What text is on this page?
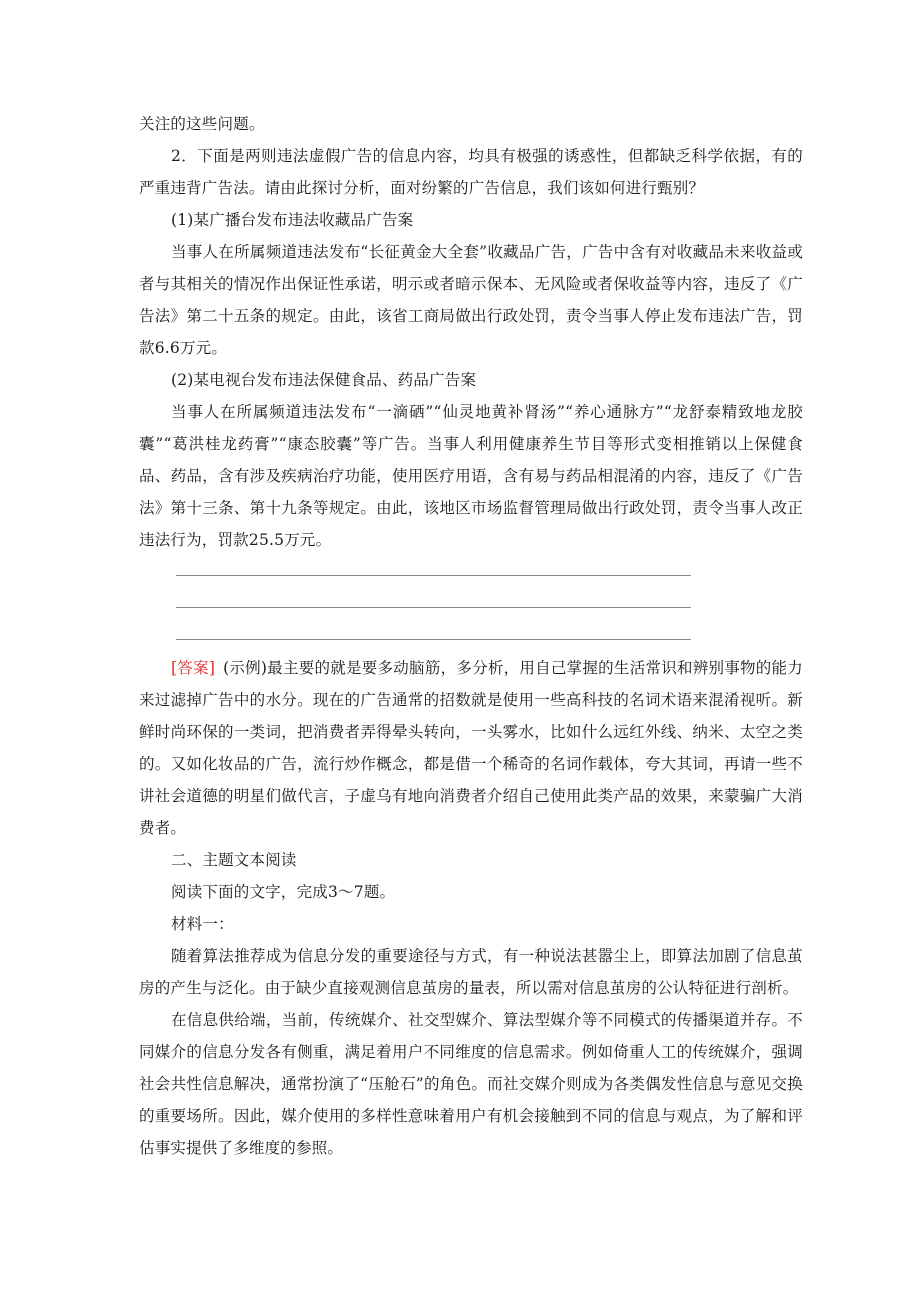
关注的这些问题。

2．下面是两则违法虚假广告的信息内容，均具有极强的诱惑性，但都缺乏科学依据，有的严重违背广告法。请由此探讨分析，面对纷繁的广告信息，我们该如何进行甄别？

(1)某广播台发布违法收藏品广告案

当事人在所属频道违法发布“长征黄金大全套”收藏品广告，广告中含有对收藏品未来收益或者与其相关的情况作出保证性承诺，明示或者暗示保本、无风险或者保收益等内容，违反了《广告法》第二十五条的规定。由此，该省工商局做出行政处罚，责令当事人停止发布违法广告，罚款6.6万元。

(2)某电视台发布违法保健食品、药品广告案

当事人在所属频道违法发布“一滴硒”“仙灵地黄补肾汤”“养心通脉方”“龙舒泰精致地龙胶囊”“葛洪桂龙药膏”“康态胶囊”等广告。当事人利用健康养生节目等形式变相推销以上保健食品、药品，含有涉及疾病治疗功能，使用医疗用语，含有易与药品相混淆的内容，违反了《广告法》第十三条、第十九条等规定。由此，该地区市场监督管理局做出行政处罚，责令当事人改正违法行为，罚款25.5万元。

[答案] (示例)最主要的就是要多动脑筋，多分析，用自己掌握的生活常识和辨别事物的能力来过滤掉广告中的水分。现在的广告通常的招数就是使用一些高科技的名词术语来混淆视听。新鲜时尚环保的一类词，把消费者弄得晕头转向，一头雾水，比如什么远红外线、纳米、太空之类的。又如化妆品的广告，流行炒作概念，都是借一个稀奇的名词作载体，夸大其词，再请一些不讲社会道德的明星们做代言，子虚乌有地向消费者介绍自己使用此类产品的效果，来蒙骗广大消费者。

二、主题文本阅读

阅读下面的文字，完成3～7题。

材料一：

随着算法推荐成为信息分发的重要途径与方式，有一种说法甚嚣尘上，即算法加剧了信息茧房的产生与泛化。由于缺少直接观测信息茧房的量表，所以需对信息茧房的公认特征进行剖析。

在信息供给端，当前，传统媒介、社交型媒介、算法型媒介等不同模式的传播渠道并存。不同媒介的信息分发各有侧重，满足着用户不同维度的信息需求。例如倚重人工的传统媒介，强调社会共性信息解决，通常扮演了“压舱石”的角色。而社交媒介则成为各类偶发性信息与意见交换的重要场所。因此，媒介使用的多样性意味着用户有机会接触到不同的信息与观点，为了解和评估事实提供了多维度的参照。
